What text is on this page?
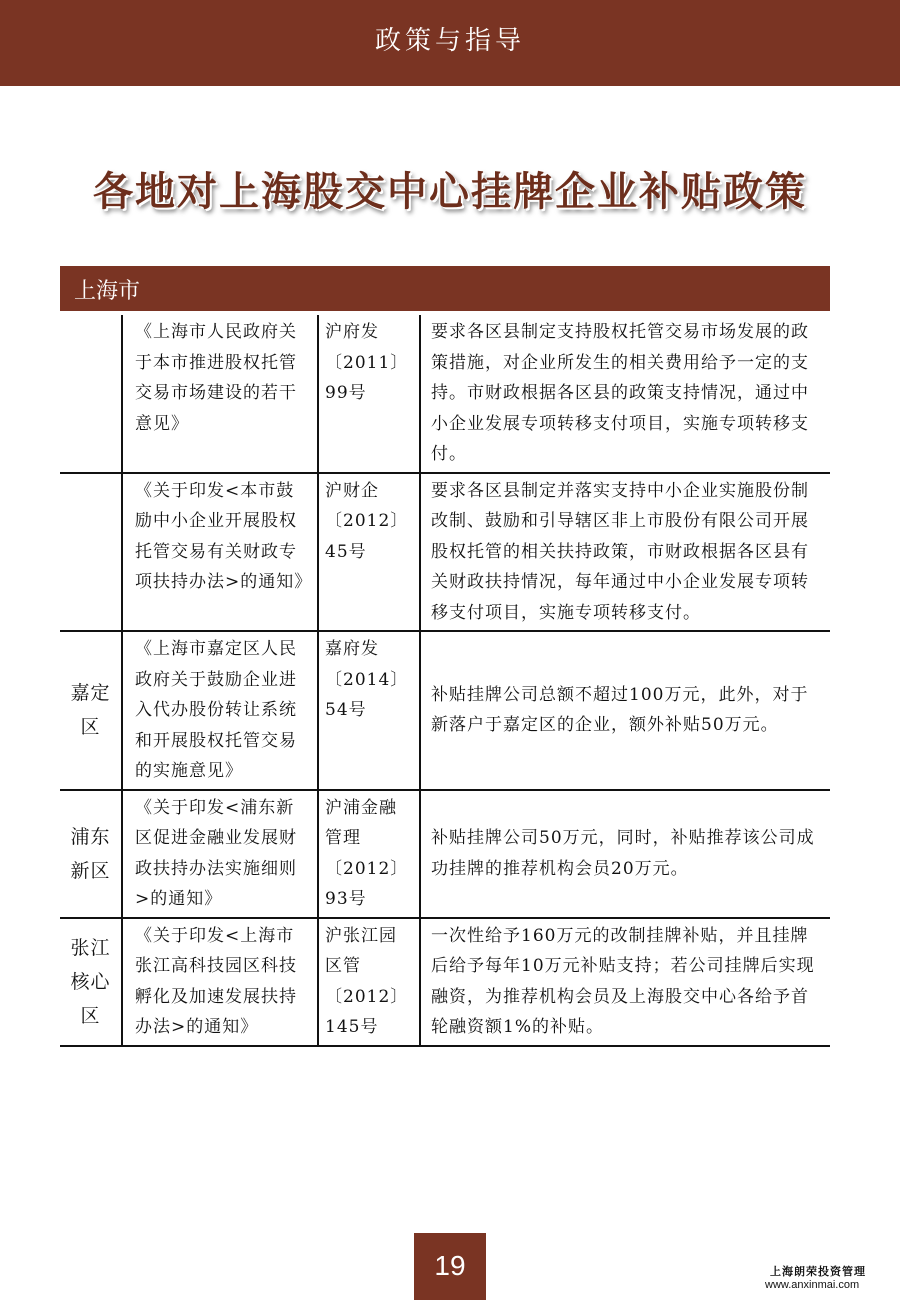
政策与指导
各地对上海股交中心挂牌企业补贴政策
上海市
	《上海市人民政府关于本市推进股权托管交易市场建设的若干意见》	沪府发〔2011〕99号	要求各区县制定支持股权托管交易市场发展的政策措施，对企业所发生的相关费用给予一定的支持。市财政根据各区县的政策支持情况，通过中小企业发展专项转移支付项目，实施专项转移支付。
	《关于印发<本市鼓励中小企业开展股权托管交易有关财政专项扶持办法>的通知》	沪财企〔2012〕45号	要求各区县制定并落实支持中小企业实施股份制改制、鼓励和引导辖区非上市股份有限公司开展股权托管的相关扶持政策，市财政根据各区县有关财政扶持情况，每年通过中小企业发展专项转移支付项目，实施专项转移支付。
嘉定区	《上海市嘉定区人民政府关于鼓励企业进入代办股份转让系统和开展股权托管交易的实施意见》	嘉府发〔2014〕54号	补贴挂牌公司总额不超过100万元，此外，对于新落户于嘉定区的企业，额外补贴50万元。
浦东新区	《关于印发<浦东新区促进金融业发展财政扶持办法实施细则>的通知》	沪浦金融管理〔2012〕93号	补贴挂牌公司50万元，同时，补贴推荐该公司成功挂牌的推荐机构会员20万元。
张江核心区	《关于印发<上海市张江高科技园区科技孵化及加速发展扶持办法>的通知》	沪张江园区管〔2012〕145号	一次性给予160万元的改制挂牌补贴，并且挂牌后给予每年10万元补贴支持；若公司挂牌后实现融资，为推荐机构会员及上海股交中心各给予首轮融资额1%的补贴。
19	上海朗荣投资管理
www.anxinmai.com
